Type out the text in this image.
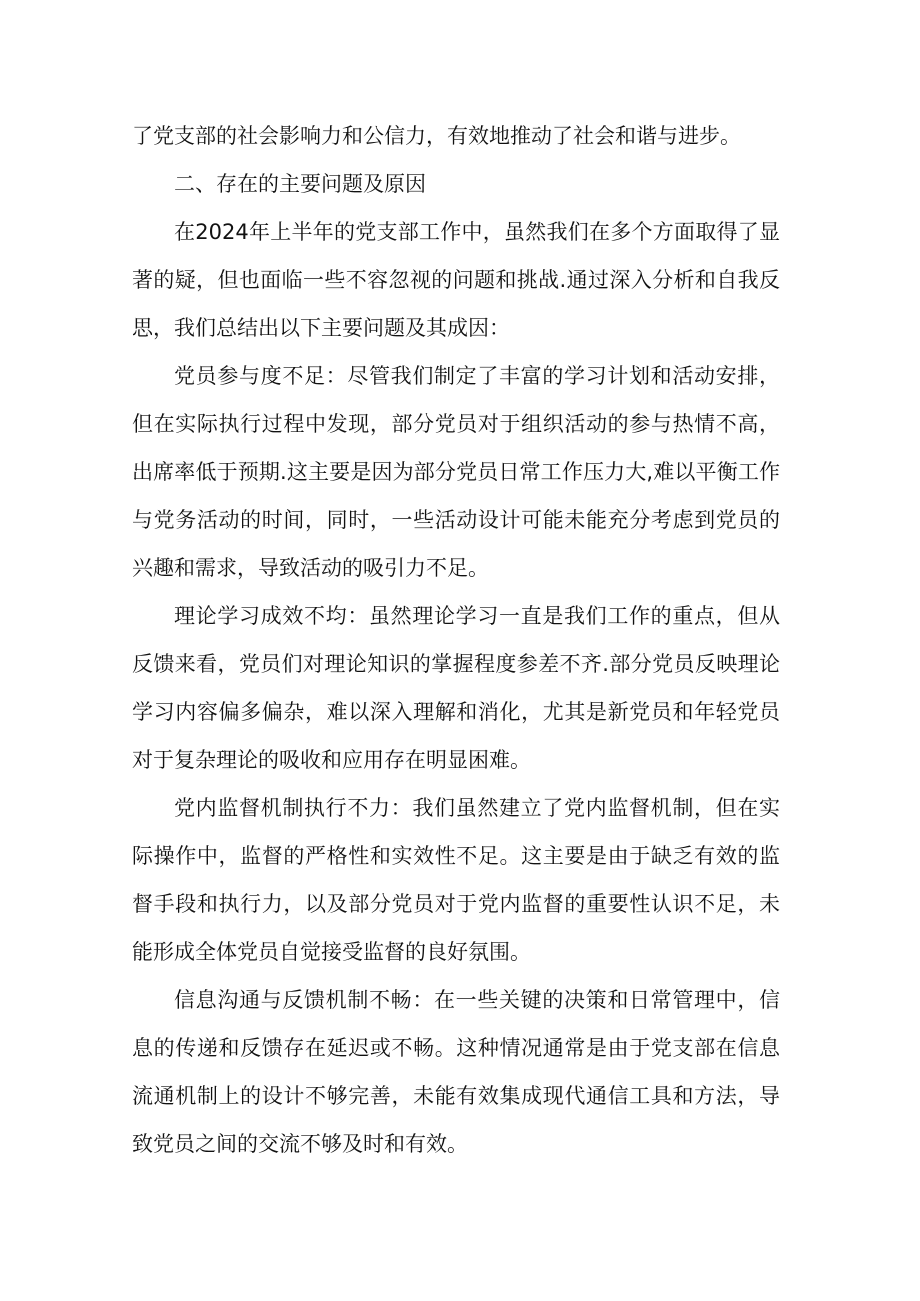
了党支部的社会影响力和公信力，有效地推动了社会和谐与进步。

二、存在的主要问题及原因

在2024年上半年的党支部工作中，虽然我们在多个方面取得了显著的疑，但也面临一些不容忽视的问题和挑战.通过深入分析和自我反思，我们总结出以下主要问题及其成因：

党员参与度不足：尽管我们制定了丰富的学习计划和活动安排，但在实际执行过程中发现，部分党员对于组织活动的参与热情不高，出席率低于预期.这主要是因为部分党员日常工作压力大,难以平衡工作与党务活动的时间，同时，一些活动设计可能未能充分考虑到党员的兴趣和需求，导致活动的吸引力不足。

理论学习成效不均：虽然理论学习一直是我们工作的重点，但从反馈来看，党员们对理论知识的掌握程度参差不齐.部分党员反映理论学习内容偏多偏杂，难以深入理解和消化，尤其是新党员和年轻党员对于复杂理论的吸收和应用存在明显困难。

党内监督机制执行不力：我们虽然建立了党内监督机制，但在实际操作中，监督的严格性和实效性不足。这主要是由于缺乏有效的监督手段和执行力，以及部分党员对于党内监督的重要性认识不足，未能形成全体党员自觉接受监督的良好氛围。

信息沟通与反馈机制不畅：在一些关键的决策和日常管理中，信息的传递和反馈存在延迟或不畅。这种情况通常是由于党支部在信息流通机制上的设计不够完善，未能有效集成现代通信工具和方法，导致党员之间的交流不够及时和有效。
